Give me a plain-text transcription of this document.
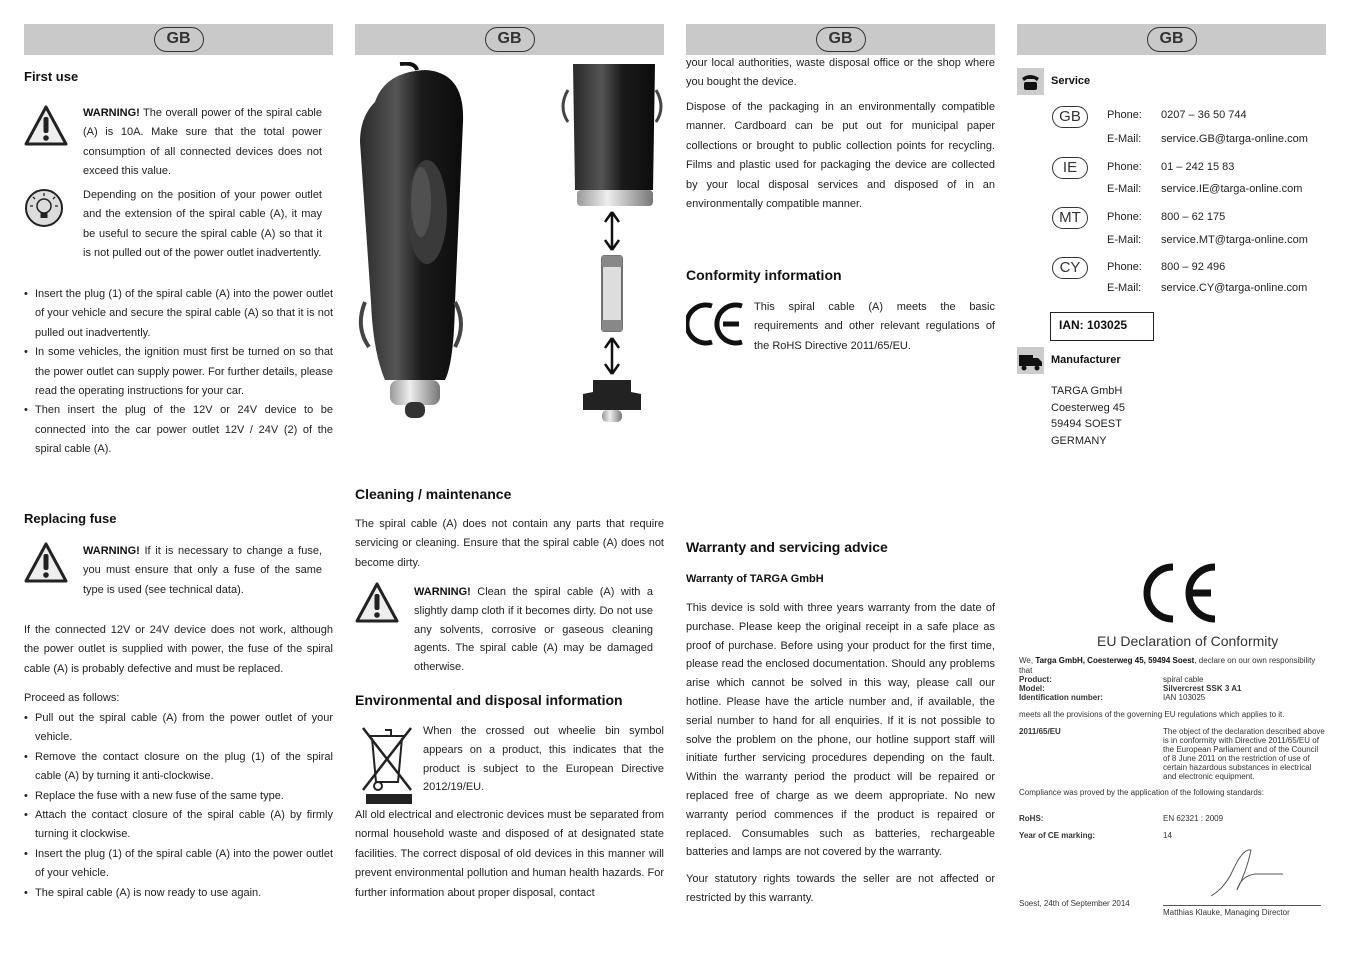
GB
First use

WARNING! The overall power of the spiral cable (A) is 10A. Make sure that the total power consumption of all connected devices does not exceed this value.

Depending on the position of your power outlet and the extension of the spiral cable (A), it may be useful to secure the spiral cable (A) so that it is not pulled out of the power outlet inadvertently.

• Insert the plug (1) of the spiral cable (A) into the power outlet of your vehicle and secure the spiral cable (A) so that it is not pulled out inadvertently.
• In some vehicles, the ignition must first be turned on so that the power outlet can supply power. For further details, please read the operating instructions for your car.
• Then insert the plug of the 12V or 24V device to be connected into the car power outlet 12V / 24V (2) of the spiral cable (A).
Replacing fuse

WARNING! If it is necessary to change a fuse, you must ensure that only a fuse of the same type is used (see technical data).

If the connected 12V or 24V device does not work, although the power outlet is supplied with power, the fuse of the spiral cable (A) is probably defective and must be replaced.

Proceed as follows:

• Pull out the spiral cable (A) from the power outlet of your vehicle.
• Remove the contact closure on the plug (1) of the spiral cable (A) by turning it anti-clockwise.
• Replace the fuse with a new fuse of the same type.
• Attach the contact closure of the spiral cable (A) by firmly turning it clockwise.
• Insert the plug (1) of the spiral cable (A) into the power outlet of your vehicle.
• The spiral cable (A) is now ready to use again.
GB
Cleaning / maintenance

The spiral cable (A) does not contain any parts that require servicing or cleaning. Ensure that the spiral cable (A) does not become dirty.

WARNING! Clean the spiral cable (A) with a slightly damp cloth if it becomes dirty. Do not use any solvents, corrosive or gaseous cleaning agents. The spiral cable (A) may be damaged otherwise.

Environmental and disposal information

When the crossed out wheelie bin symbol appears on a product, this indicates that the product is subject to the European Directive 2012/19/EU.

All old electrical and electronic devices must be separated from normal household waste and disposed of at designated state facilities. The correct disposal of old devices in this manner will prevent environmental pollution and human health hazards. For further information about proper disposal, contact

GB

your local authorities, waste disposal office or the shop where you bought the device.

Dispose of the packaging in an environmentally compatible manner. Cardboard can be put out for municipal paper collections or brought to public collection points for recycling. Films and plastic used for packaging the device are collected by your local disposal services and disposed of in an environmentally compatible manner.

Conformity information

This spiral cable (A) meets the basic requirements and other relevant regulations of the RoHS Directive 2011/65/EU.

Warranty and servicing advice
Warranty of TARGA GmbH

This device is sold with three years warranty from the date of purchase. Please keep the original receipt in a safe place as proof of purchase. Before using your product for the first time, please read the enclosed documentation. Should any problems arise which cannot be solved in this way, please call our hotline. Please have the article number and, if available, the serial number to hand for all enquiries. If it is not possible to solve the problem on the phone, our hotline support staff will initiate further servicing procedures depending on the fault. Within the warranty period the product will be repaired or replaced free of charge as we deem appropriate. No new warranty period commences if the product is repaired or replaced. Consumables such as batteries, rechargeable batteries and lamps are not covered by the warranty.

Your statutory rights towards the seller are not affected or restricted by this warranty.

GB
Service
GB	Phone: 0207 – 36 50 744
E-Mail: service.GB@targa-online.com
IE	Phone: 01 – 242 15 83
E-Mail: service.IE@targa-online.com
MT	Phone: 800 – 62 175
E-Mail: service.MT@targa-online.com
CY	Phone: 800 – 92 496
E-Mail: service.CY@targa-online.com
IAN: 103025
Manufacturer
TARGA GmbH
Coesterweg 45
59494 SOEST
GERMANY
EU Declaration of Conformity
We, Targa GmbH, Coesterweg 45, 59494 Soest, declare on our own responsibility that
Product:	spiral cable
Model:	Silvercrest SSK 3 A1
Identification number:	IAN 103025
meets all the provisions of the governing EU regulations which applies to it.
2011/65/EU	The object of the declaration described above is in conformity with Directive 2011/65/EU of the European Parliament and of the Council of 8 June 2011 on the restriction of use of certain hazardous substances in electrical and electronic equipment.
Compliance was proved by the application of the following standards:
RoHS:	EN 62321 : 2009
Year of CE marking:	14
Soest, 24th of September 2014
Matthias Klauke, Managing Director
